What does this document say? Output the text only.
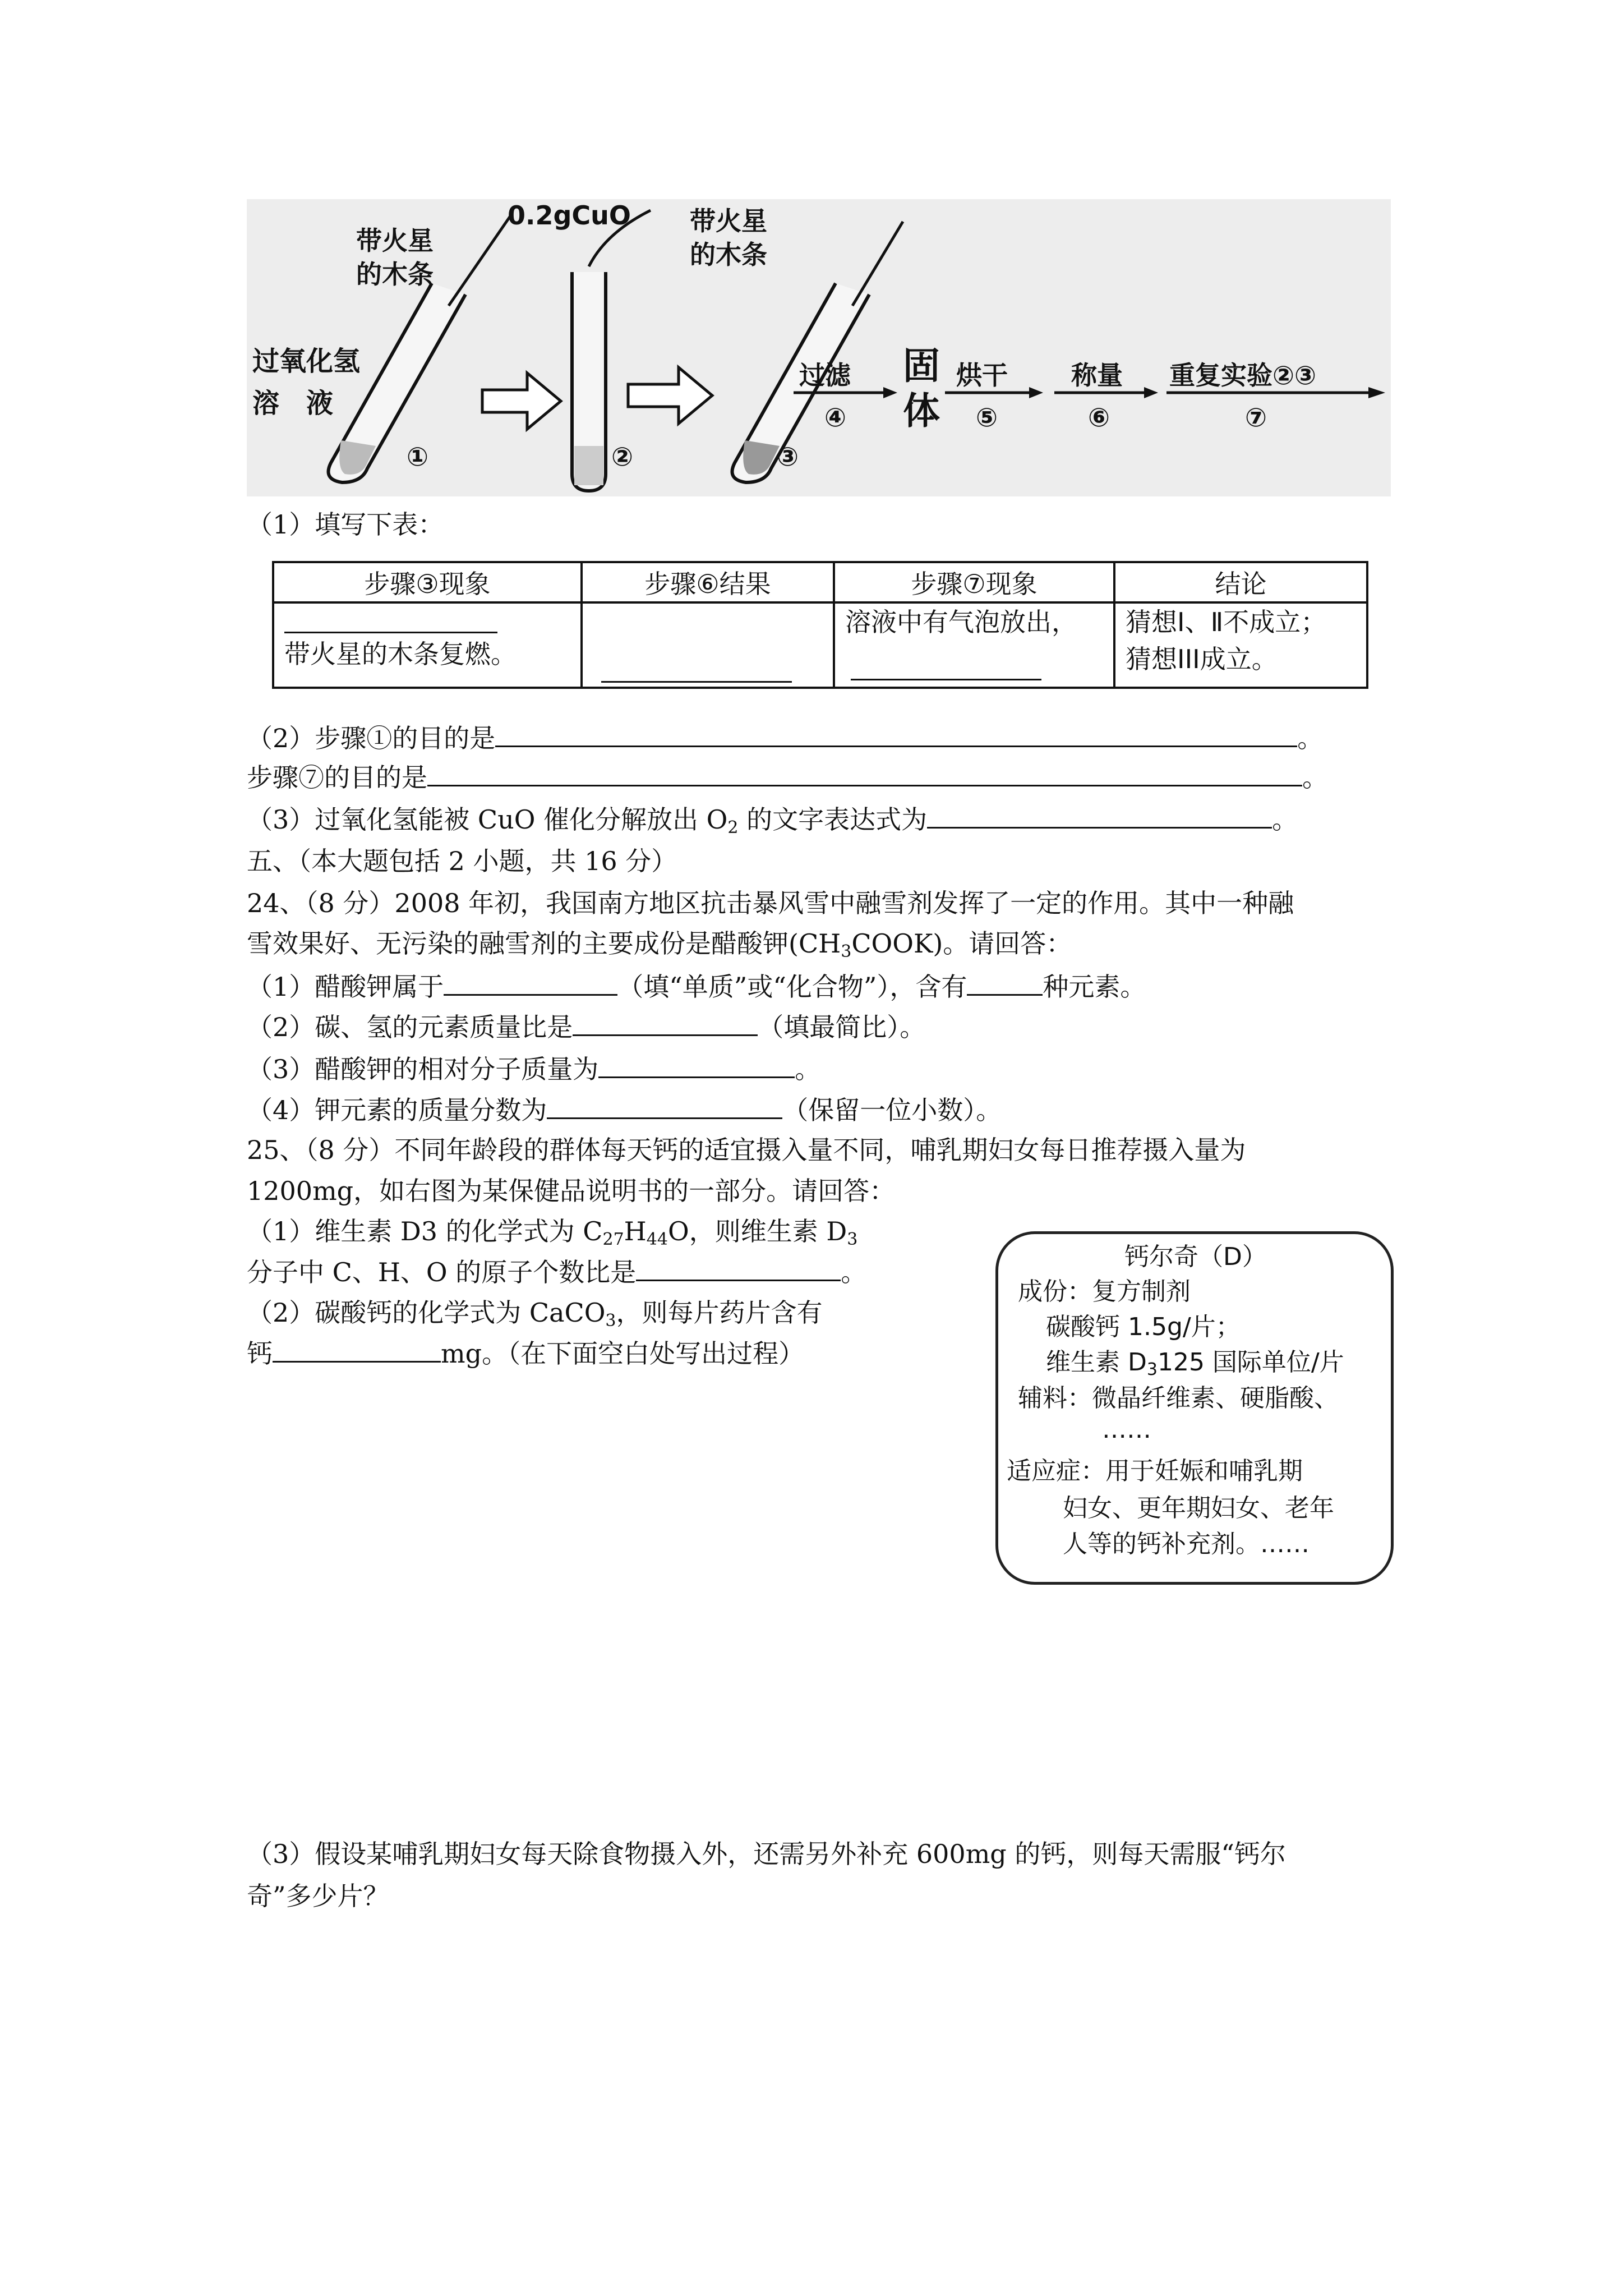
带火星
的木条
0.2gCuO 带火星
的木条
过氧化氢
溶　液
①	②	③
过滤
④
固
体
烘干
⑤
称量
⑥
重复实验②③
⑦
（1）填写下表：
步骤③现象	步骤⑥结果	步骤⑦现象	结论

带火星的木条复燃。		溶液中有气泡放出，	猜想Ⅰ、Ⅱ不成立；
猜想III成立。
（2）步骤①的目的是	。
步骤⑦的目的是	。
（3）过氧化氢能被 CuO 催化分解放出 $O_2$ 的文字表达式为	。
五、（本大题包括 2 小题，共 16 分）
24、（8 分）2008 年初，我国南方地区抗击暴风雪中融雪剂发挥了一定的作用。其中一种融
雪效果好、无污染的融雪剂的主要成份是醋酸钾$(CH_3COOK)$。请回答：
（1）醋酸钾属于	（填“单质”或“化合物”），含有	种元素。
（2）碳、氢的元素质量比是	（填最简比）。
（3）醋酸钾的相对分子质量为	。
（4）钾元素的质量分数为	（保留一位小数）。
25、（8 分）不同年龄段的群体每天钙的适宜摄入量不同，哺乳期妇女每日推荐摄入量为
1200mg，如右图为某保健品说明书的一部分。请回答：
（1）维生素 D3 的化学式为 $C_{27}H_{44}O$，则维生素 $D_3$
分子中 C、H、O 的原子个数比是	。
（2）碳酸钙的化学式为 CaCO$_3$，则每片药片含有
钙	mg。（在下面空白处写出过程）
钙尔奇（D）
成份：复方制剂
碳酸钙 1.5g/片；
维生素 $D_3125$ 国际单位/片
辅料：微晶纤维素、硬脂酸、
……
适应症：用于妊娠和哺乳期
妇女、更年期妇女、老年
人等的钙补充剂。……
（3）假设某哺乳期妇女每天除食物摄入外，还需另外补充 600mg 的钙，则每天需服“钙尔
奇”多少片？
